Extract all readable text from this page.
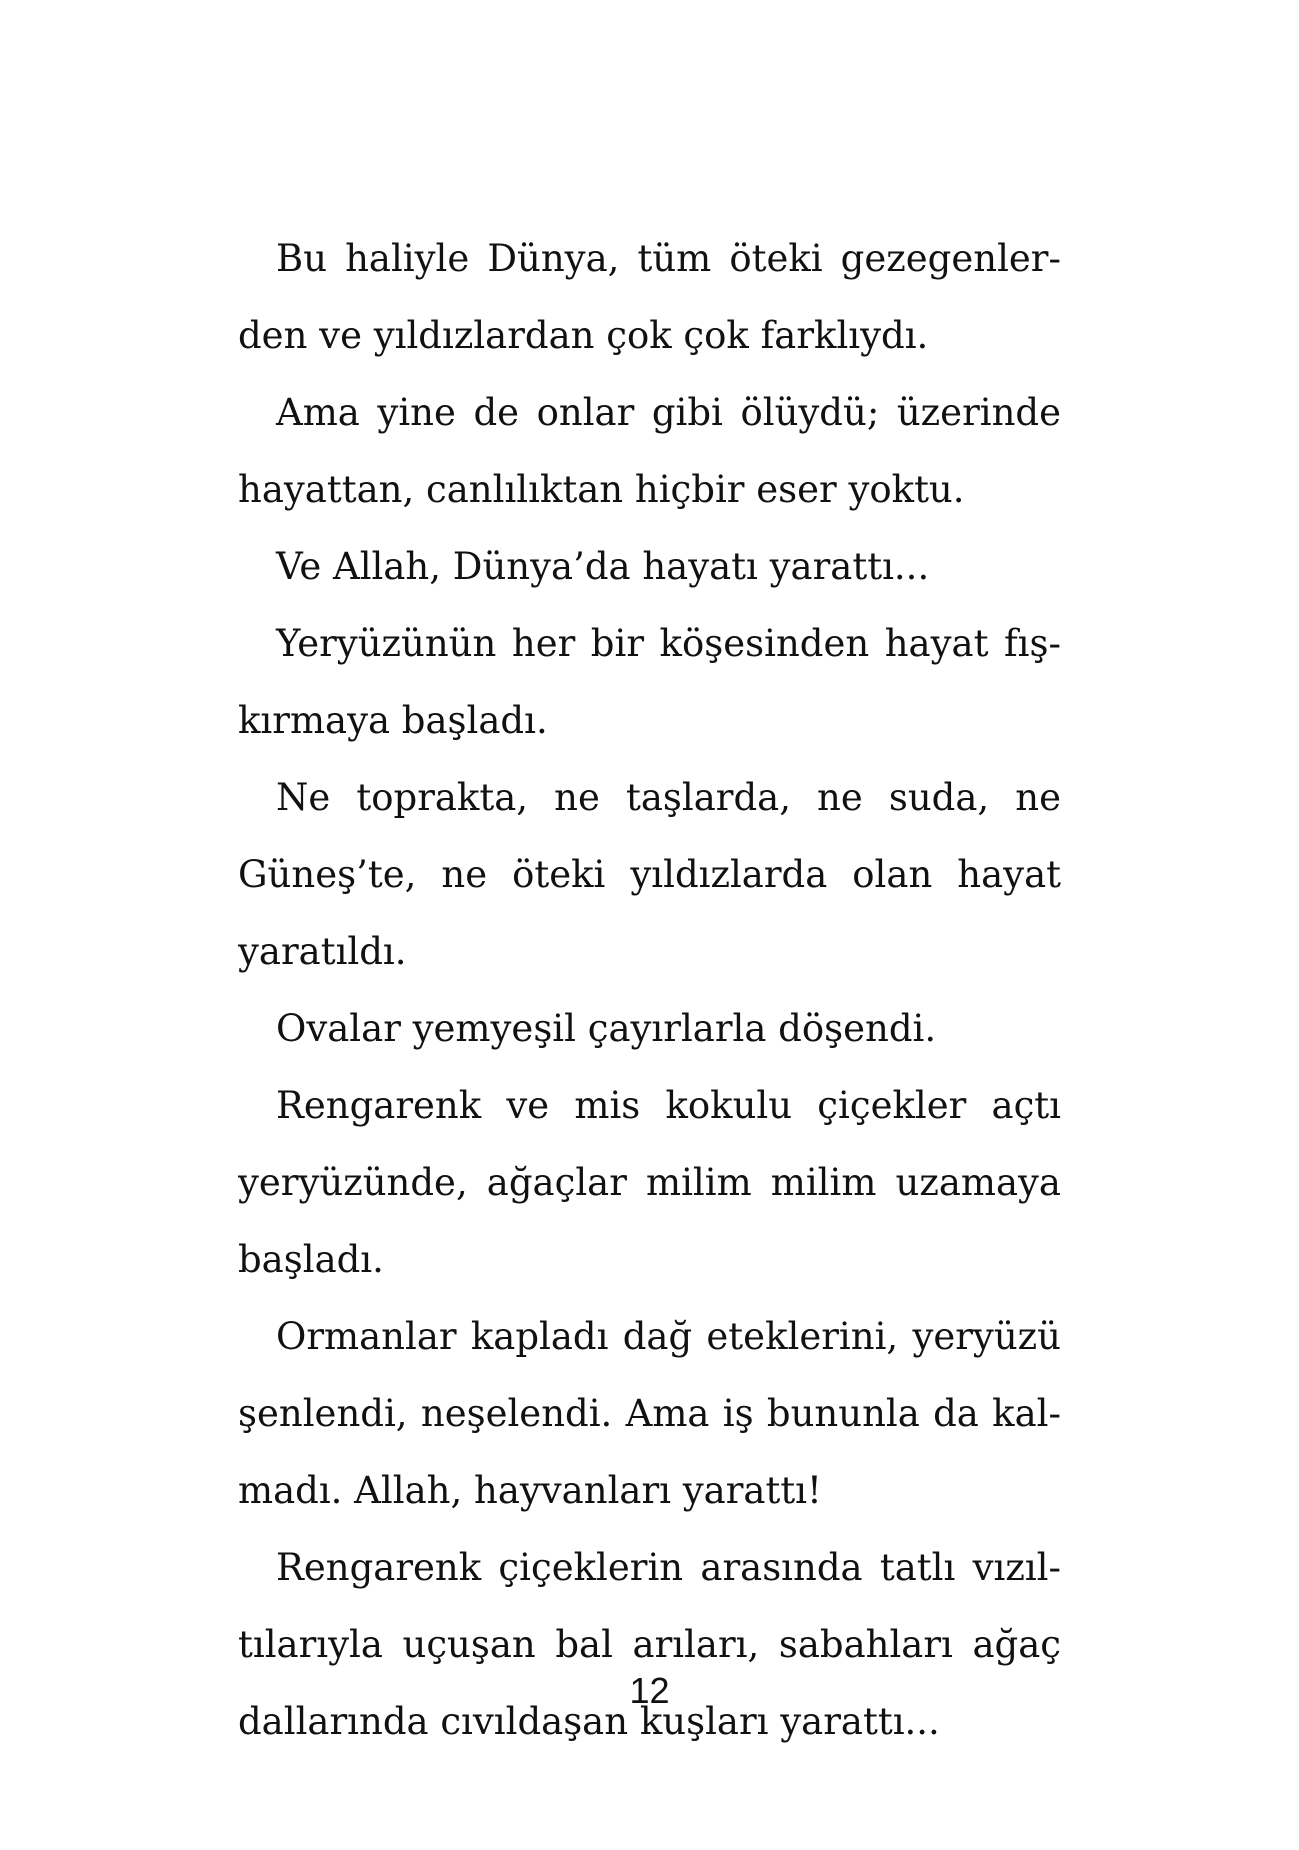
Bu haliyle Dünya, tüm öteki gezegenler-
den ve yıldızlardan çok çok farklıydı.
Ama yine de onlar gibi ölüydü; üzerinde
hayattan, canlılıktan hiçbir eser yoktu.
Ve Allah, Dünya’da hayatı yarattı...
Yeryüzünün her bir köşesinden hayat fış-
kırmaya başladı.
Ne toprakta, ne taşlarda, ne suda, ne
Güneş’te, ne öteki yıldızlarda olan hayat
yaratıldı.
Ovalar yemyeşil çayırlarla döşendi.
Rengarenk ve mis kokulu çiçekler açtı
yeryüzünde, ağaçlar milim milim uzamaya
başladı.
Ormanlar kapladı dağ eteklerini, yeryüzü
şenlendi, neşelendi. Ama iş bununla da kal-
madı. Allah, hayvanları yarattı!
Rengarenk çiçeklerin arasında tatlı vızıl-
tılarıyla uçuşan bal arıları, sabahları ağaç
dallarında cıvıldaşan kuşları yarattı...
12
